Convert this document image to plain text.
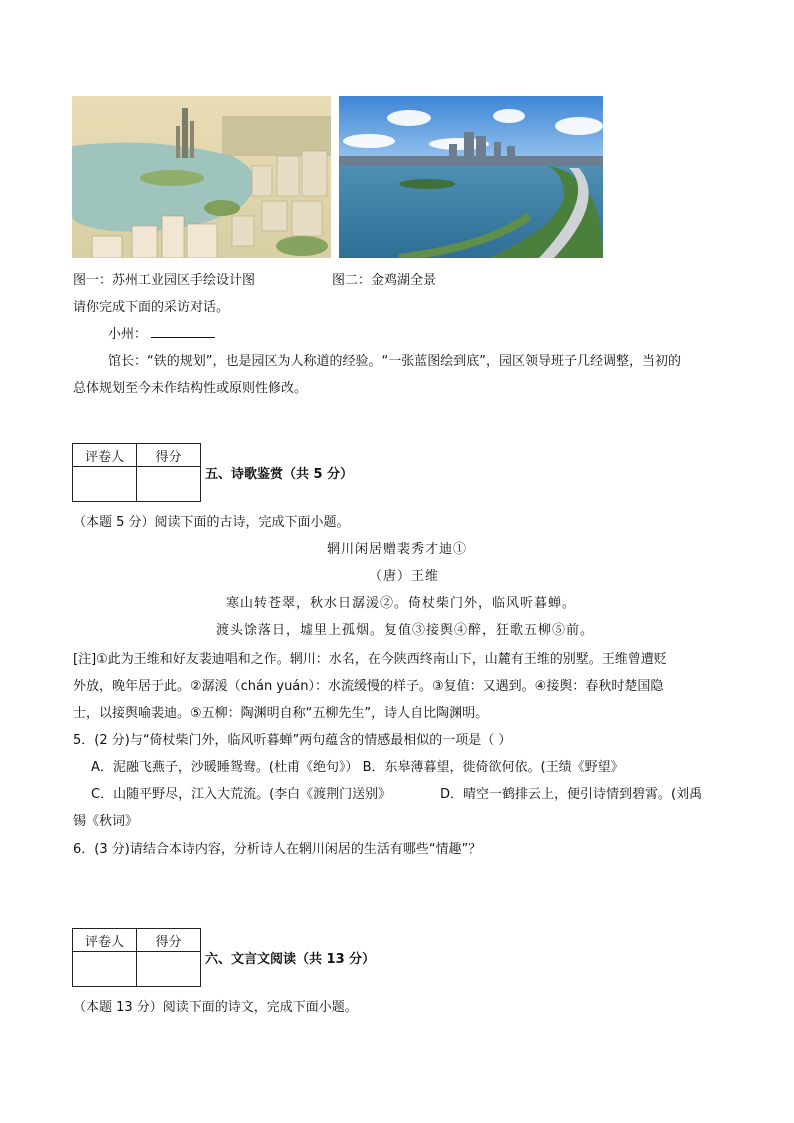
图一：苏州工业园区手绘设计图	图二：金鸡湖全景
请你完成下面的采访对话。
小州：
馆长：“铁的规划”，也是园区为人称道的经验。“一张蓝图绘到底”，园区领导班子几经调整，当初的
总体规划至今未作结构性或原则性修改。
评卷人	得分

五、诗歌鉴赏（共 5 分）
（本题 5 分）阅读下面的古诗，完成下面小题。
辋川闲居赠裴秀才迪①
（唐）王维
寒山转苍翠，秋水日潺湲②。倚杖柴门外，临风听暮蝉。
渡头馀落日，墟里上孤烟。复值③接舆④醉，狂歌五柳⑤前。
[注]①此为王维和好友裴迪唱和之作。辋川：水名，在今陕西终南山下，山麓有王维的别墅。王维曾遭贬
外放，晚年居于此。②潺湲（chán yuán）：水流缓慢的样子。③复值：又遇到。④接舆：春秋时楚国隐
士，以接舆喻裴迪。⑤五柳：陶渊明自称“五柳先生”，诗人自比陶渊明。
5．(2 分)与“倚杖柴门外，临风听暮蝉”两句蕴含的情感最相似的一项是（ ）
A．泥融飞燕子，沙暖睡鸳鸯。(杜甫《绝句》） B．东皋薄暮望，徙倚欲何依。(王绩《野望》
C．山随平野尽，江入大荒流。(李白《渡荆门送别》	D．晴空一鹤排云上，便引诗情到碧霄。(刘禹
锡《秋词》
6．(3 分)请结合本诗内容，分析诗人在辋川闲居的生活有哪些“情趣”？
评卷人	得分

六、文言文阅读（共 13 分）
（本题 13 分）阅读下面的诗文，完成下面小题。
